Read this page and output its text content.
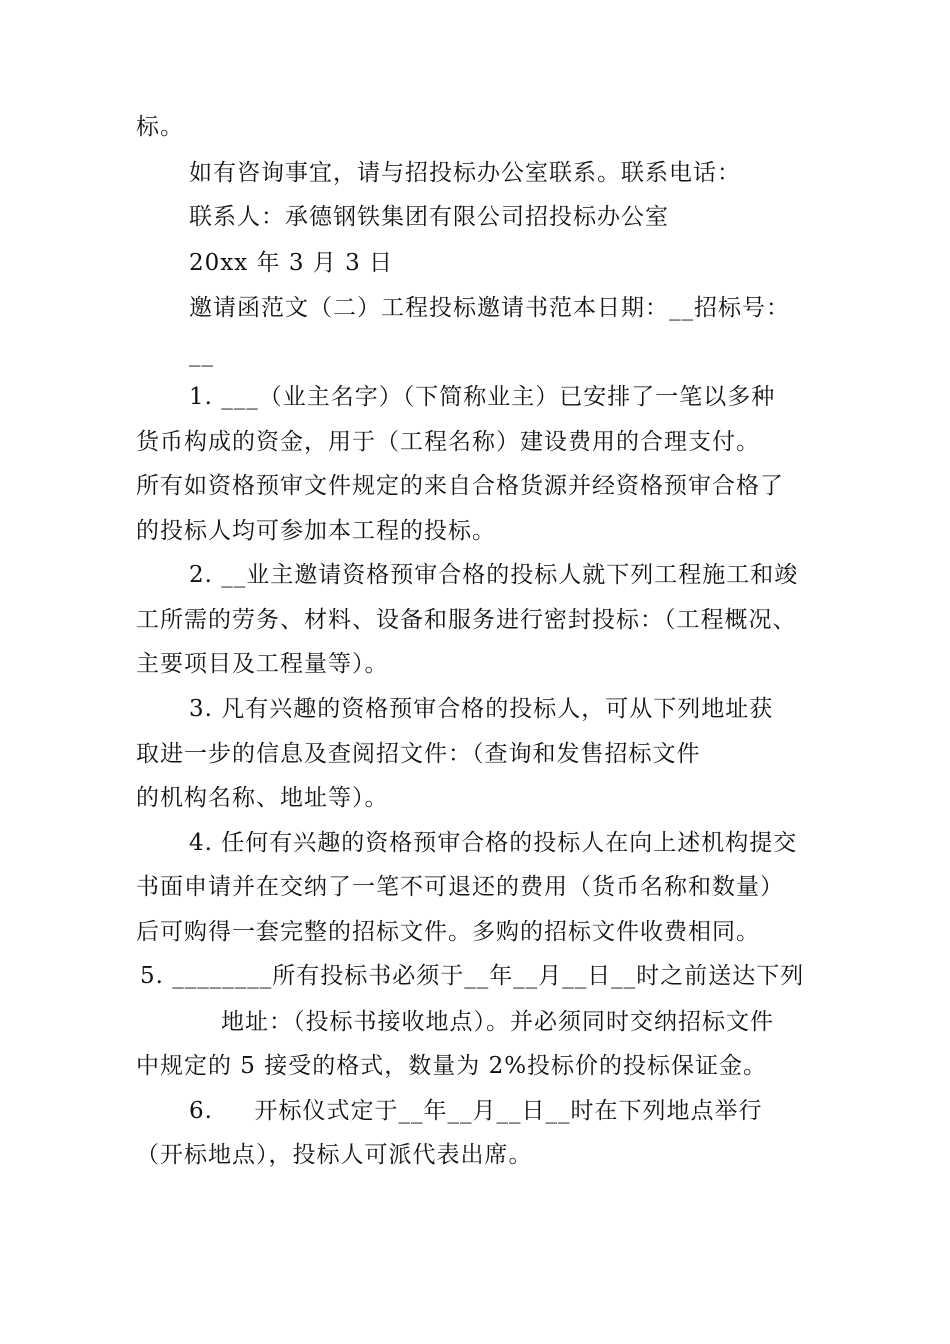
标。
如有咨询事宜，请与招投标办公室联系。联系电话：
联系人：承德钢铁集团有限公司招投标办公室
20xx 年 3 月 3 日
邀请函范文（二）工程投标邀请书范本日期：__招标号：
__
1. ___（业主名字）（下简称业主）已安排了一笔以多种
货币构成的资金，用于（工程名称）建设费用的合理支付。
所有如资格预审文件规定的来自合格货源并经资格预审合格了
的投标人均可参加本工程的投标。
2. __业主邀请资格预审合格的投标人就下列工程施工和竣
工所需的劳务、材料、设备和服务进行密封投标：（工程概况、
主要项目及工程量等）。
3. 凡有兴趣的资格预审合格的投标人，可从下列地址获
取进一步的信息及查阅招文件：（查询和发售招标文件
的机构名称、地址等）。
4. 任何有兴趣的资格预审合格的投标人在向上述机构提交
书面申请并在交纳了一笔不可退还的费用（货币名称和数量）
后可购得一套完整的招标文件。多购的招标文件收费相同。
5. ________所有投标书必须于__年__月__日__时之前送达下列
地址：（投标书接收地点）。并必须同时交纳招标文件
中规定的 5 接受的格式，数量为 2%投标价的投标保证金。
6.     开标仪式定于__年__月__日__时在下列地点举行
（开标地点），投标人可派代表出席。
